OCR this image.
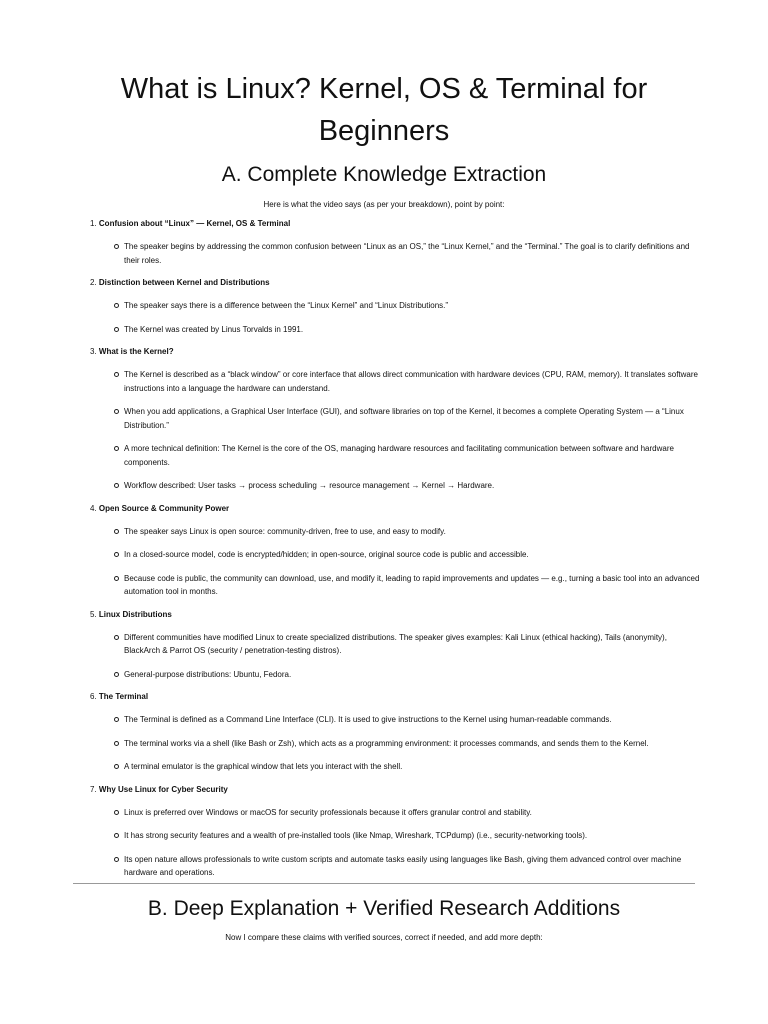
What is Linux? Kernel, OS & Terminal for Beginners
A. Complete Knowledge Extraction

Here is what the video says (as per your breakdown), point by point:

1. Confusion about “Linux” — Kernel, OS & Terminal
The speaker begins by addressing the common confusion between “Linux as an OS,” the “Linux Kernel,” and the “Terminal.” The goal is to clarify definitions and their roles.
2. Distinction between Kernel and Distributions
The speaker says there is a difference between the “Linux Kernel” and “Linux Distributions.”
The Kernel was created by Linus Torvalds in 1991.
3. What is the Kernel?
The Kernel is described as a “black window” or core interface that allows direct communication with hardware devices (CPU, RAM, memory). It translates software instructions into a language the hardware can understand.
When you add applications, a Graphical User Interface (GUI), and software libraries on top of the Kernel, it becomes a complete Operating System — a “Linux Distribution.”
A more technical definition: The Kernel is the core of the OS, managing hardware resources and facilitating communication between software and hardware components.
Workflow described: User tasks → process scheduling → resource management → Kernel → Hardware.
4. Open Source & Community Power
The speaker says Linux is open source: community-driven, free to use, and easy to modify.
In a closed-source model, code is encrypted/hidden; in open-source, original source code is public and accessible.
Because code is public, the community can download, use, and modify it, leading to rapid improvements and updates — e.g., turning a basic tool into an advanced automation tool in months.
5. Linux Distributions
Different communities have modified Linux to create specialized distributions. The speaker gives examples: Kali Linux (ethical hacking), Tails (anonymity), BlackArch & Parrot OS (security / penetration-testing distros).
General-purpose distributions: Ubuntu, Fedora.
6. The Terminal
The Terminal is defined as a Command Line Interface (CLI). It is used to give instructions to the Kernel using human-readable commands.
The terminal works via a shell (like Bash or Zsh), which acts as a programming environment: it processes commands, and sends them to the Kernel.
A terminal emulator is the graphical window that lets you interact with the shell.
7. Why Use Linux for Cyber Security
Linux is preferred over Windows or macOS for security professionals because it offers granular control and stability.
It has strong security features and a wealth of pre-installed tools (like Nmap, Wireshark, TCPdump) (i.e., security-networking tools).
Its open nature allows professionals to write custom scripts and automate tasks easily using languages like Bash, giving them advanced control over machine hardware and operations.
B. Deep Explanation + Verified Research Additions

Now I compare these claims with verified sources, correct if needed, and add more depth:
